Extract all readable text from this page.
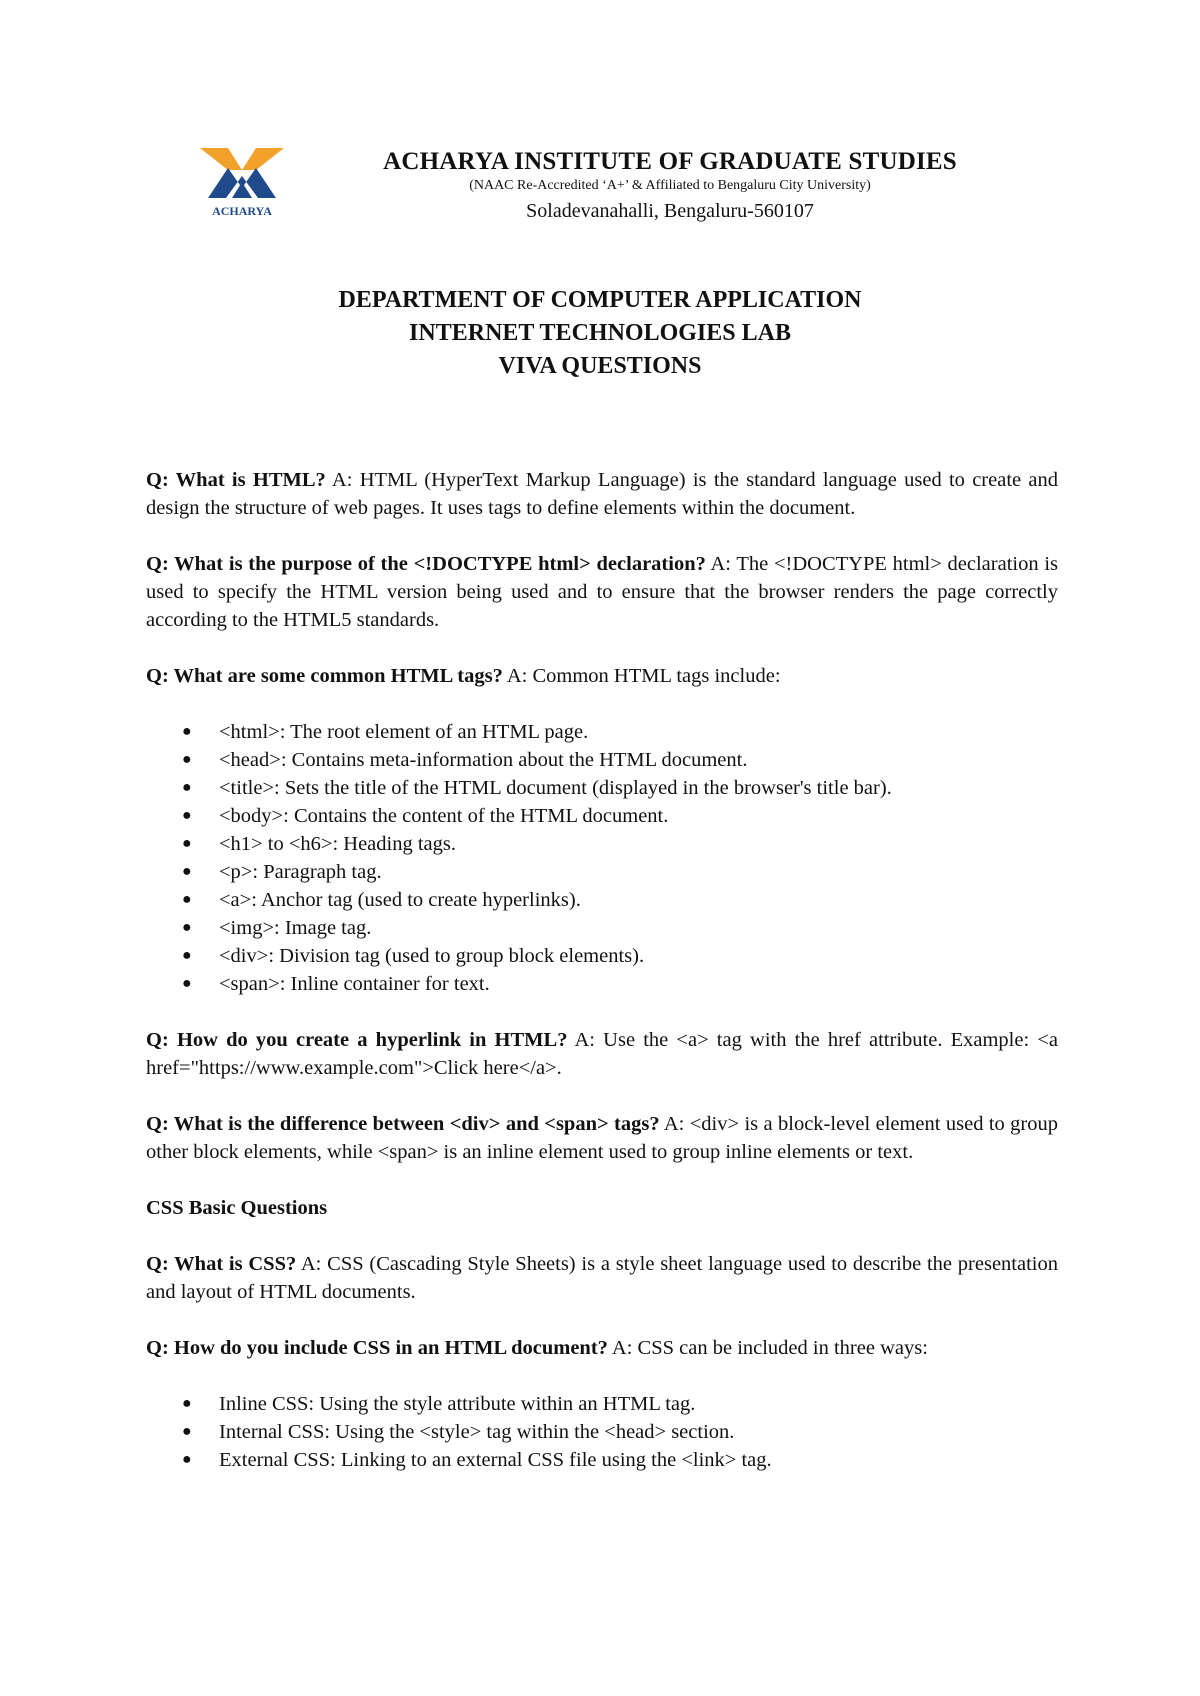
ACHARYA
ACHARYA INSTITUTE OF GRADUATE STUDIES
(NAAC Re-Accredited ‘A+’ & Affiliated to Bengaluru City University)
Soladevanahalli, Bengaluru-560107
DEPARTMENT OF COMPUTER APPLICATION
INTERNET TECHNOLOGIES LAB
VIVA QUESTIONS

Q: What is HTML? A: HTML (HyperText Markup Language) is the standard language used to create and design the structure of web pages. It uses tags to define elements within the document.

Q: What is the purpose of the <!DOCTYPE html> declaration? A: The <!DOCTYPE html> declaration is used to specify the HTML version being used and to ensure that the browser renders the page correctly according to the HTML5 standards.

Q: What are some common HTML tags? A: Common HTML tags include:

● <html>: The root element of an HTML page.
● <head>: Contains meta-information about the HTML document.
● <title>: Sets the title of the HTML document (displayed in the browser's title bar).
● <body>: Contains the content of the HTML document.
● <h1> to <h6>: Heading tags.
● <p>: Paragraph tag.
● <a>: Anchor tag (used to create hyperlinks).
● <img>: Image tag.
● <div>: Division tag (used to group block elements).
● <span>: Inline container for text.

Q: How do you create a hyperlink in HTML? A: Use the <a> tag with the href attribute. Example: <a href="https://www.example.com">Click here</a>.

Q: What is the difference between <div> and <span> tags? A: <div> is a block-level element used to group other block elements, while <span> is an inline element used to group inline elements or text.

CSS Basic Questions

Q: What is CSS? A: CSS (Cascading Style Sheets) is a style sheet language used to describe the presentation and layout of HTML documents.

Q: How do you include CSS in an HTML document? A: CSS can be included in three ways:

● Inline CSS: Using the style attribute within an HTML tag.
● Internal CSS: Using the <style> tag within the <head> section.
● External CSS: Linking to an external CSS file using the <link> tag.
